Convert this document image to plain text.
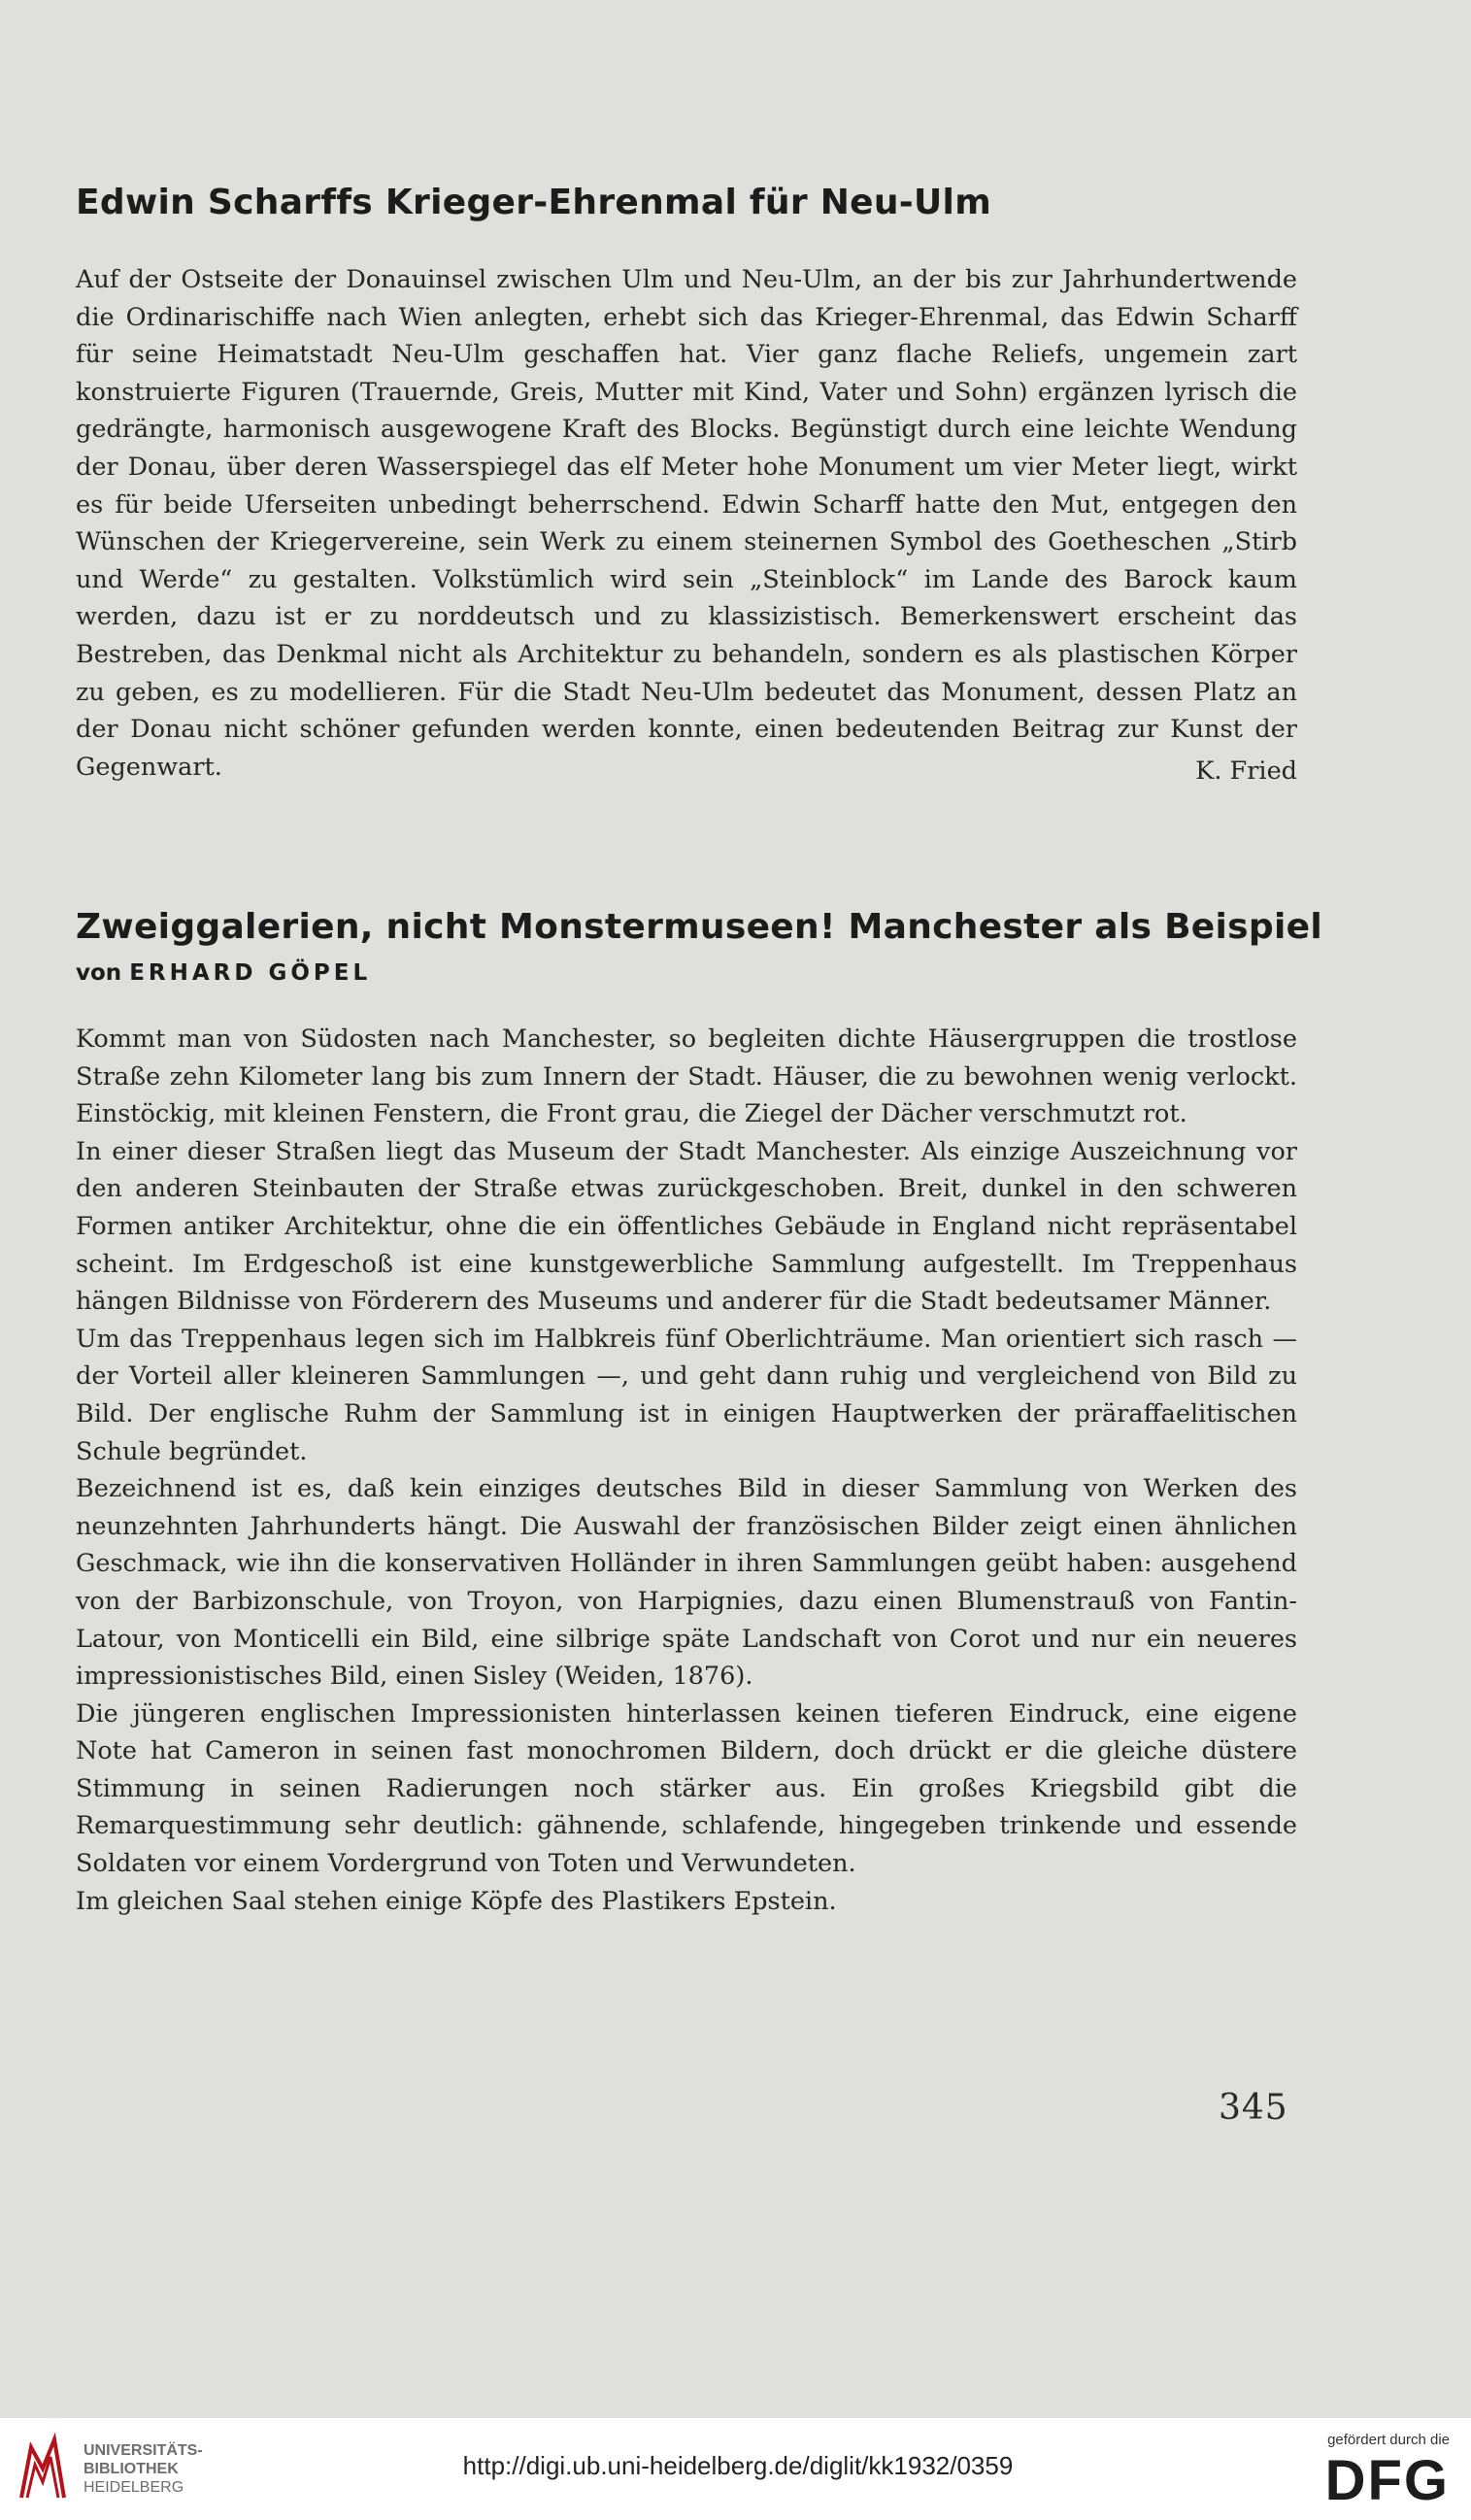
Edwin Scharffs Krieger-Ehrenmal für Neu-Ulm

Auf der Ostseite der Donauinsel zwischen Ulm und Neu-Ulm, an der bis zur Jahrhundertwende die Ordinarischiffe nach Wien anlegten, erhebt sich das Krieger-Ehrenmal, das Edwin Scharff für seine Heimatstadt Neu-Ulm geschaffen hat. Vier ganz flache Reliefs, ungemein zart konstruierte Figuren (Trauernde, Greis, Mutter mit Kind, Vater und Sohn) ergänzen lyrisch die gedrängte, harmonisch ausgewogene Kraft des Blocks. Begünstigt durch eine leichte Wendung der Donau, über deren Wasserspiegel das elf Meter hohe Monument um vier Meter liegt, wirkt es für beide Uferseiten unbedingt beherrschend. Edwin Scharff hatte den Mut, entgegen den Wünschen der Kriegervereine, sein Werk zu einem steinernen Symbol des Goetheschen „Stirb und Werde“ zu gestalten. Volkstümlich wird sein „Steinblock“ im Lande des Barock kaum werden, dazu ist er zu norddeutsch und zu klassizistisch. Bemerkenswert erscheint das Bestreben, das Denkmal nicht als Architektur zu behandeln, sondern es als plastischen Körper zu geben, es zu modellieren. Für die Stadt Neu-Ulm bedeutet das Monument, dessen Platz an der Donau nicht schöner gefunden werden konnte, einen bedeutenden Beitrag zur Kunst der Gegenwart.	K. Fried
Zweiggalerien, nicht Monstermuseen! Manchester als Beispiel
von ERHARD GÖPEL

Kommt man von Südosten nach Manchester, so begleiten dichte Häusergruppen die trostlose Straße zehn Kilometer lang bis zum Innern der Stadt. Häuser, die zu bewohnen wenig verlockt. Einstöckig, mit kleinen Fenstern, die Front grau, die Ziegel der Dächer verschmutzt rot.

In einer dieser Straßen liegt das Museum der Stadt Manchester. Als einzige Auszeichnung vor den anderen Steinbauten der Straße etwas zurückgeschoben. Breit, dunkel in den schweren Formen antiker Architektur, ohne die ein öffentliches Gebäude in England nicht repräsentabel scheint. Im Erdgeschoß ist eine kunstgewerbliche Sammlung aufgestellt. Im Treppenhaus hängen Bildnisse von Förderern des Museums und anderer für die Stadt bedeutsamer Männer.

Um das Treppenhaus legen sich im Halbkreis fünf Oberlichträume. Man orientiert sich rasch — der Vorteil aller kleineren Sammlungen —, und geht dann ruhig und vergleichend von Bild zu Bild. Der englische Ruhm der Sammlung ist in einigen Hauptwerken der präraffaelitischen Schule begründet.

Bezeichnend ist es, daß kein einziges deutsches Bild in dieser Sammlung von Werken des neunzehnten Jahrhunderts hängt. Die Auswahl der französischen Bilder zeigt einen ähnlichen Geschmack, wie ihn die konservativen Holländer in ihren Sammlungen geübt haben: ausgehend von der Barbizonschule, von Troyon, von Harpignies, dazu einen Blumenstrauß von Fantin-Latour, von Monticelli ein Bild, eine silbrige späte Landschaft von Corot und nur ein neueres impressionistisches Bild, einen Sisley (Weiden, 1876).

Die jüngeren englischen Impressionisten hinterlassen keinen tieferen Eindruck, eine eigene Note hat Cameron in seinen fast monochromen Bildern, doch drückt er die gleiche düstere Stimmung in seinen Radierungen noch stärker aus. Ein großes Kriegsbild gibt die Remarquestimmung sehr deutlich: gähnende, schlafende, hingegeben trinkende und essende Soldaten vor einem Vordergrund von Toten und Verwundeten.

Im gleichen Saal stehen einige Köpfe des Plastikers Epstein.

345
UNIVERSITÄTS-
BIBLIOTHEK
HEIDELBERG
http://digi.ub.uni-heidelberg.de/diglit/kk1932/0359
gefördert durch die
DFG
